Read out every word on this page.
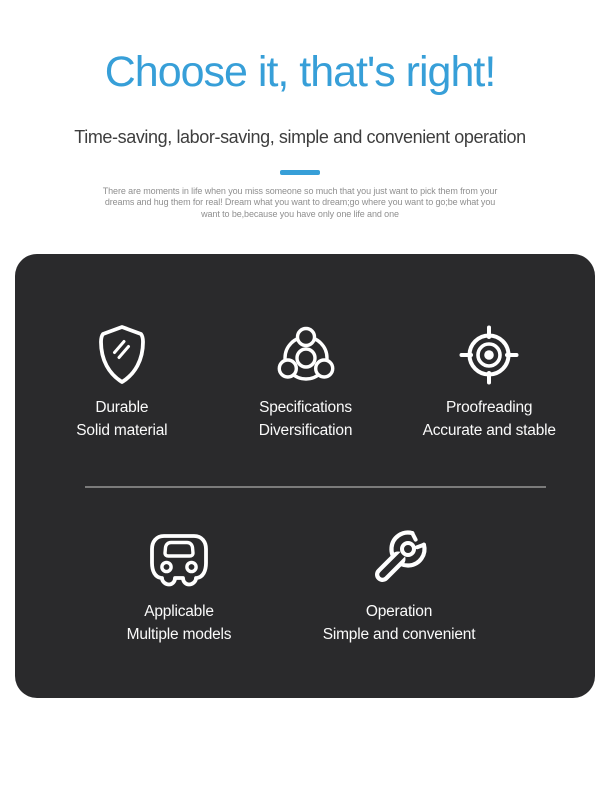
Choose it, that's right!
Time-saving, labor-saving, simple and convenient operation

There are moments in life when you miss someone so much that you just want to pick them from your
dreams and hug them for real! Dream what you want to dream;go where you want to go;be what you
want to be,because you have only one life and one

Durable
Solid material
Specifications
Diversification
Proofreading
Accurate and stable
Applicable
Multiple models
Operation
Simple and convenient
